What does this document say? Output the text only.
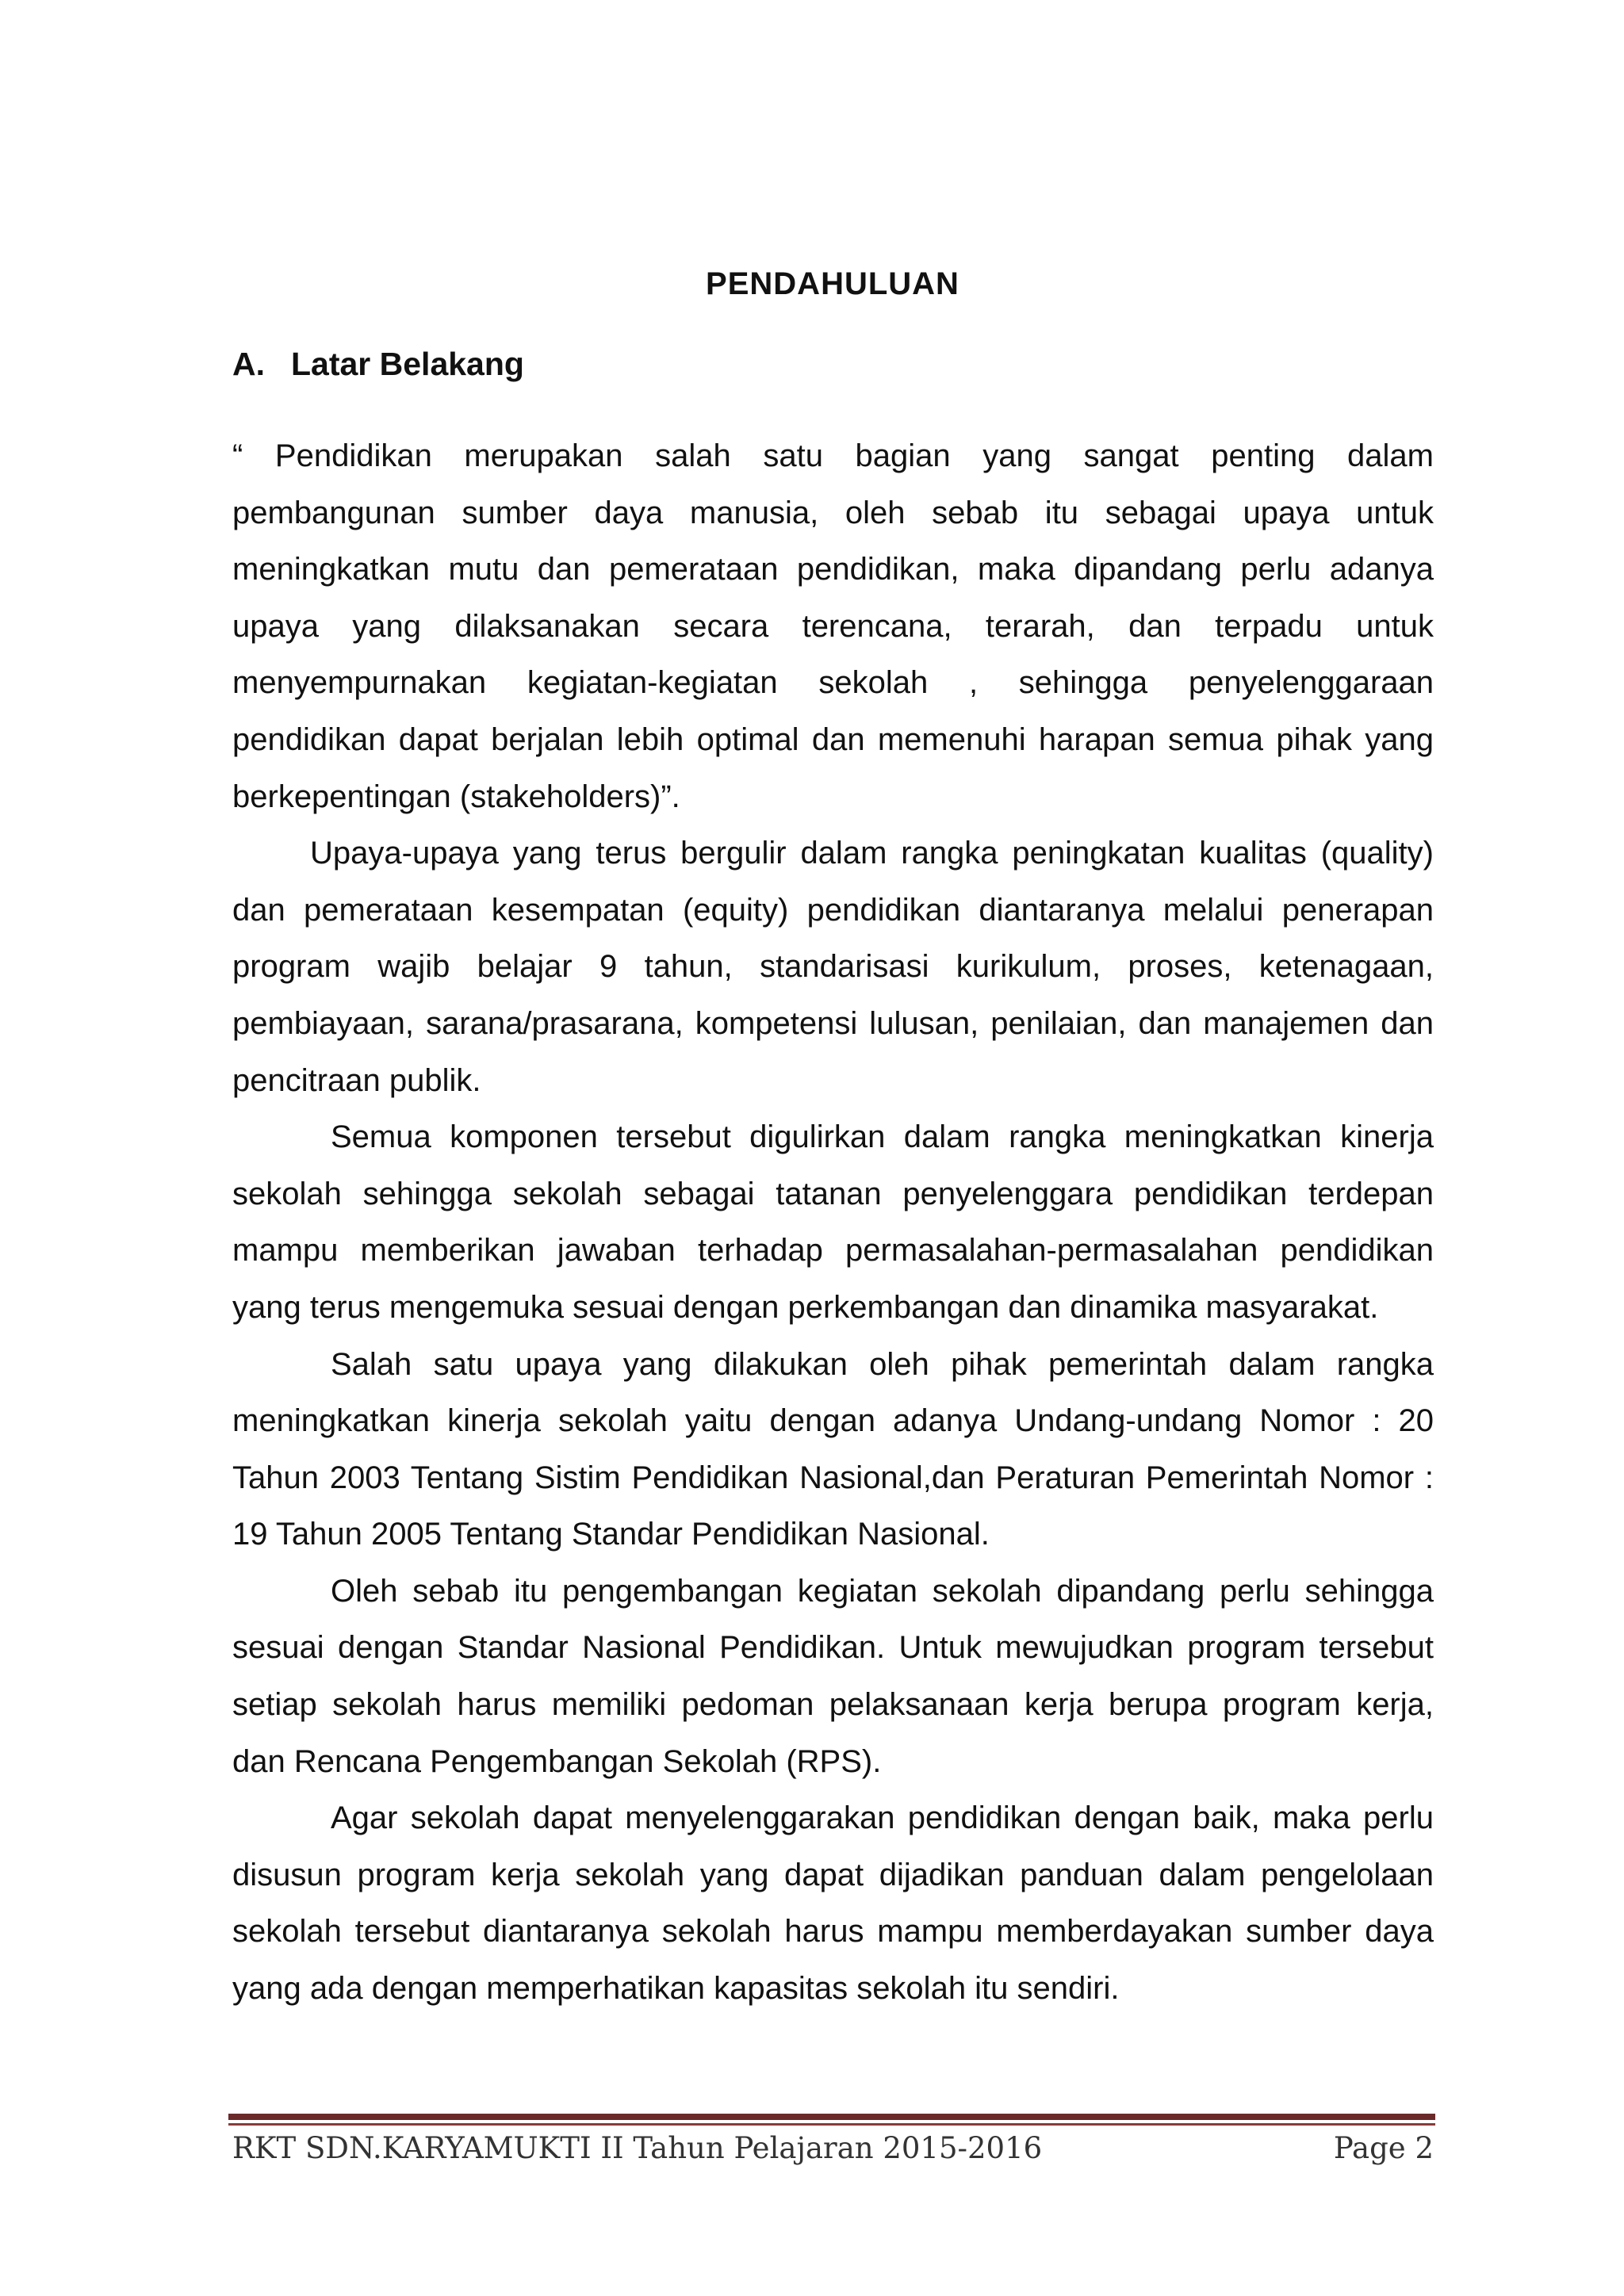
PENDAHULUAN
A. Latar Belakang

“ Pendidikan merupakan salah satu bagian yang sangat penting dalam pembangunan sumber daya manusia, oleh sebab itu sebagai upaya untuk meningkatkan mutu dan pemerataan pendidikan, maka dipandang perlu adanya upaya yang dilaksanakan secara terencana, terarah, dan terpadu untuk menyempurnakan kegiatan-kegiatan sekolah , sehingga penyelenggaraan pendidikan dapat berjalan lebih optimal dan memenuhi harapan semua pihak yang berkepentingan (stakeholders)”.

Upaya-upaya yang terus bergulir dalam rangka peningkatan kualitas (quality) dan pemerataan kesempatan (equity) pendidikan diantaranya melalui penerapan program wajib belajar 9 tahun, standarisasi kurikulum, proses, ketenagaan, pembiayaan, sarana/prasarana, kompetensi lulusan, penilaian, dan manajemen dan pencitraan publik.

Semua komponen tersebut digulirkan dalam rangka meningkatkan kinerja sekolah sehingga sekolah sebagai tatanan penyelenggara pendidikan terdepan mampu memberikan jawaban terhadap permasalahan-permasalahan pendidikan yang terus mengemuka sesuai dengan perkembangan dan dinamika masyarakat.

Salah satu upaya yang dilakukan oleh pihak pemerintah dalam rangka meningkatkan kinerja sekolah yaitu dengan adanya Undang-undang Nomor : 20 Tahun 2003 Tentang Sistim Pendidikan Nasional,dan Peraturan Pemerintah Nomor : 19 Tahun 2005 Tentang Standar Pendidikan Nasional.

Oleh sebab itu pengembangan kegiatan sekolah dipandang perlu sehingga sesuai dengan Standar Nasional Pendidikan. Untuk mewujudkan program tersebut setiap sekolah harus memiliki pedoman pelaksanaan kerja berupa program kerja, dan Rencana Pengembangan Sekolah (RPS).

Agar sekolah dapat menyelenggarakan pendidikan dengan baik, maka perlu disusun program kerja sekolah yang dapat dijadikan panduan dalam pengelolaan sekolah tersebut diantaranya sekolah harus mampu memberdayakan sumber daya yang ada dengan memperhatikan kapasitas sekolah itu sendiri.

RKT SDN.KARYAMUKTI II Tahun Pelajaran 2015-2016	Page 2
